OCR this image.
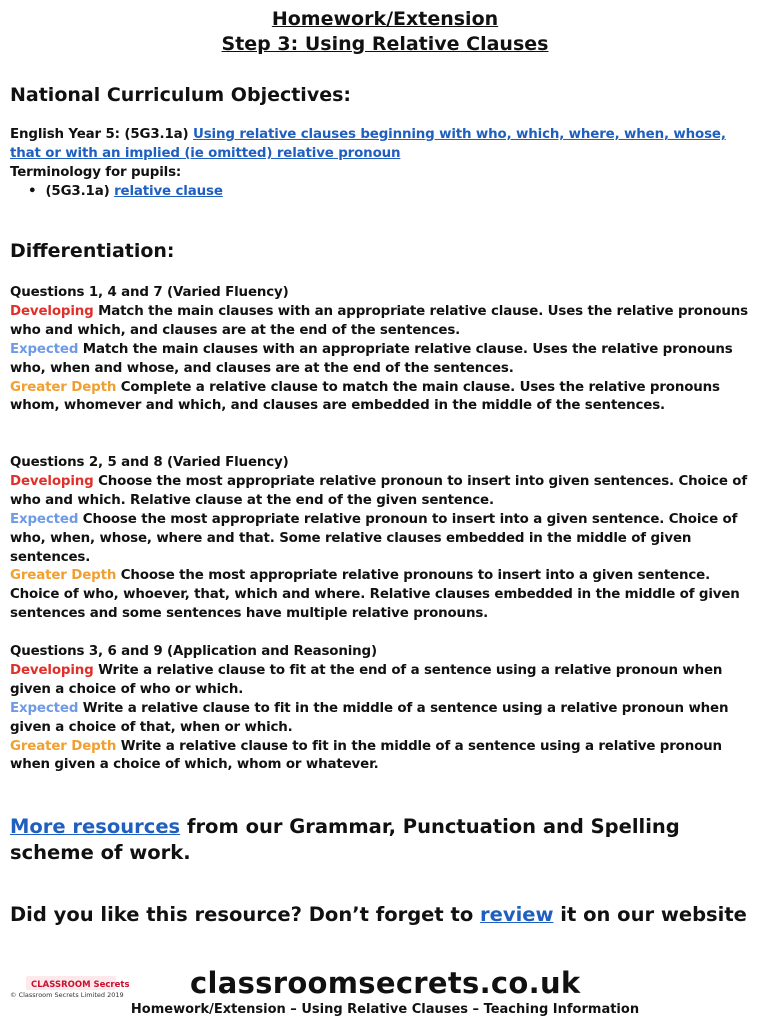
Homework/Extension
Step 3: Using Relative Clauses
National Curriculum Objectives:

English Year 5: (5G3.1a) Using relative clauses beginning with who, which, where, when, whose, that or with an implied (ie omitted) relative pronoun

Terminology for pupils:

• (5G3.1a) relative clause

Differentiation:

Questions 1, 4 and 7 (Varied Fluency)

Developing Match the main clauses with an appropriate relative clause. Uses the relative pronouns who and which, and clauses are at the end of the sentences.

Expected Match the main clauses with an appropriate relative clause. Uses the relative pronouns who, when and whose, and clauses are at the end of the sentences.

Greater Depth Complete a relative clause to match the main clause. Uses the relative pronouns whom, whomever and which, and clauses are embedded in the middle of the sentences.

Questions 2, 5 and 8 (Varied Fluency)

Developing Choose the most appropriate relative pronoun to insert into given sentences. Choice of who and which. Relative clause at the end of the given sentence.

Expected Choose the most appropriate relative pronoun to insert into a given sentence. Choice of who, when, whose, where and that. Some relative clauses embedded in the middle of given sentences.

Greater Depth Choose the most appropriate relative pronouns to insert into a given sentence. Choice of who, whoever, that, which and where. Relative clauses embedded in the middle of given sentences and some sentences have multiple relative pronouns.

Questions 3, 6 and 9 (Application and Reasoning)

Developing Write a relative clause to fit at the end of a sentence using a relative pronoun when given a choice of who or which.

Expected Write a relative clause to fit in the middle of a sentence using a relative pronoun when given a choice of that, when or which.

Greater Depth Write a relative clause to fit in the middle of a sentence using a relative pronoun when given a choice of which, whom or whatever.

More resources from our Grammar, Punctuation and Spelling scheme of work.
Did you like this resource? Don’t forget to review it on our website
CLASSROOM Secrets
© Classroom Secrets Limited 2019 classroomsecrets.co.uk
Homework/Extension – Using Relative Clauses – Teaching Information
